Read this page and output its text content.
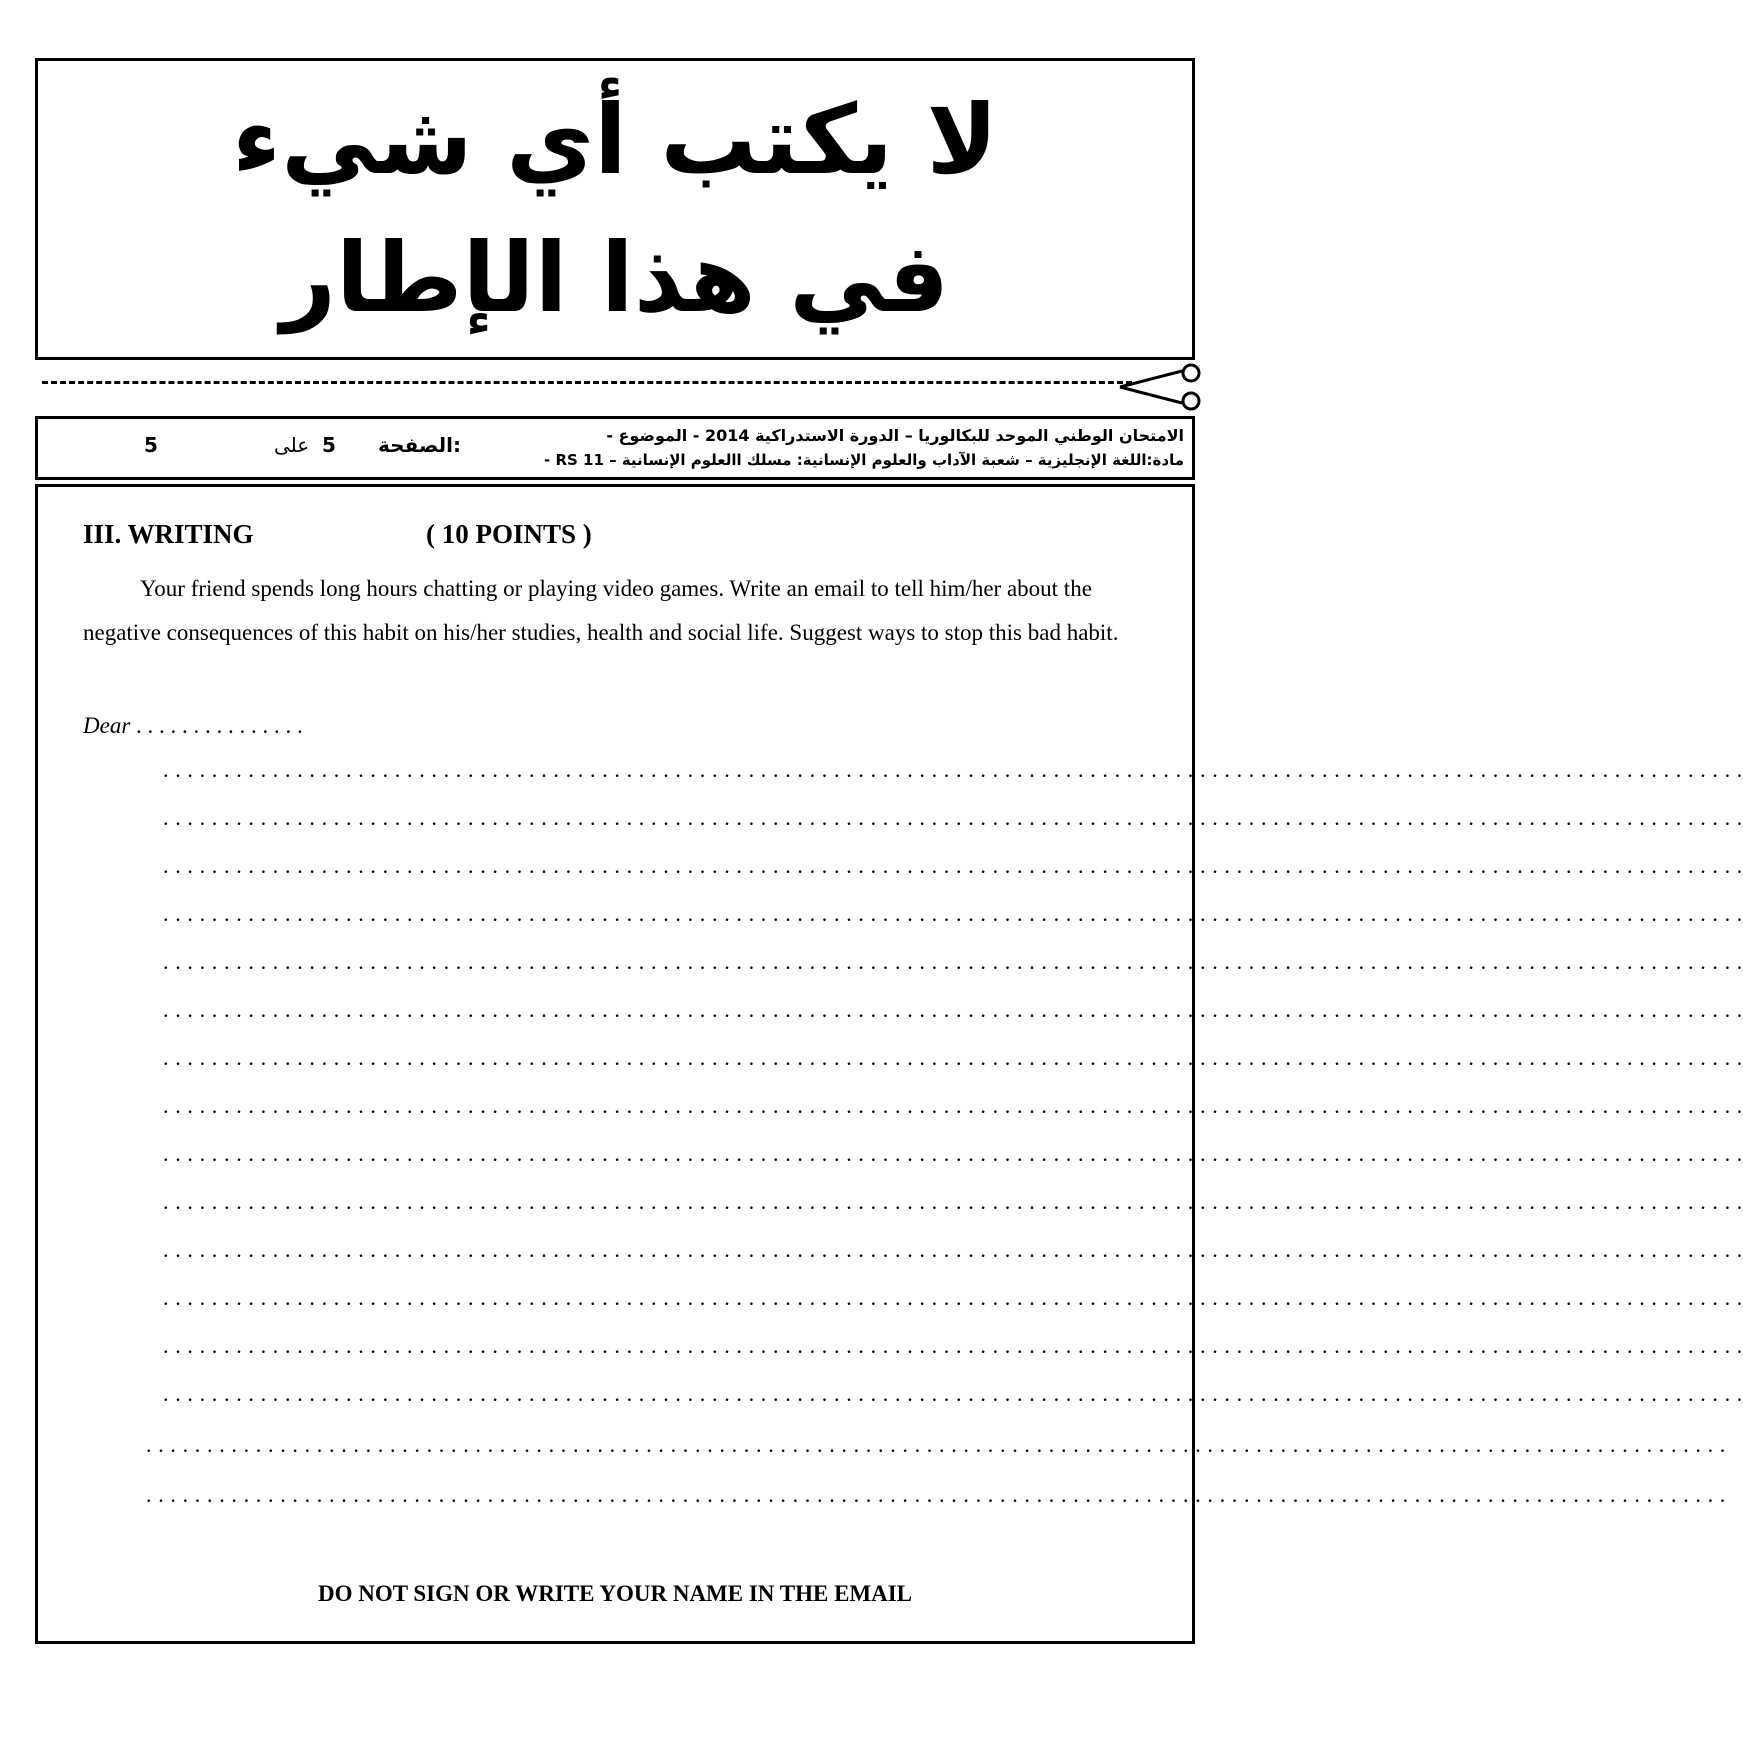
لا يكتب أي شيء
في هذا الإطار
الامتحان الوطني الموحد للبكالوريا – الدورة الاستدراكية 2014 - الموضوع -
مادة:اللغة الإنجليزية – شعبة الآداب والعلوم الإنسانية: مسلك االعلوم الإنسانية – RS 11 -
الصفحة:
5
على
5
III. WRITING	( 10 POINTS )
Your friend spends long hours chatting or playing video games. Write an email to tell him/her about the negative consequences of this habit on his/her studies, health and social life. Suggest ways to stop this bad habit.
Dear . . . . . . . . . . . . . . .
. . . . . . . . . . . . . . . . . . . . . . . . . . . . . . . . . . . . . . . . . . . . . . . . . . . . . . . . . . . . . . . . . . . . . . . . . . . . . . . . . . . . . . . . . . . . . . . . . . . . . . . . . . . . . . . . . . . . . . . . . . . . . . . . . .
. . . . . . . . . . . . . . . . . . . . . . . . . . . . . . . . . . . . . . . . . . . . . . . . . . . . . . . . . . . . . . . . . . . . . . . . . . . . . . . . . . . . . . . . . . . . . . . . . . . . . . . . . . . . . . . . . . . . . . . . . . . . . . . . . .
. . . . . . . . . . . . . . . . . . . . . . . . . . . . . . . . . . . . . . . . . . . . . . . . . . . . . . . . . . . . . . . . . . . . . . . . . . . . . . . . . . . . . . . . . . . . . . . . . . . . . . . . . . . . . . . . . . . . . . . . . . . . . . . . . .
. . . . . . . . . . . . . . . . . . . . . . . . . . . . . . . . . . . . . . . . . . . . . . . . . . . . . . . . . . . . . . . . . . . . . . . . . . . . . . . . . . . . . . . . . . . . . . . . . . . . . . . . . . . . . . . . . . . . . . . . . . . . . . . . . .
. . . . . . . . . . . . . . . . . . . . . . . . . . . . . . . . . . . . . . . . . . . . . . . . . . . . . . . . . . . . . . . . . . . . . . . . . . . . . . . . . . . . . . . . . . . . . . . . . . . . . . . . . . . . . . . . . . . . . . . . . . . . . . . . . .
. . . . . . . . . . . . . . . . . . . . . . . . . . . . . . . . . . . . . . . . . . . . . . . . . . . . . . . . . . . . . . . . . . . . . . . . . . . . . . . . . . . . . . . . . . . . . . . . . . . . . . . . . . . . . . . . . . . . . . . . . . . . . . . . . .
. . . . . . . . . . . . . . . . . . . . . . . . . . . . . . . . . . . . . . . . . . . . . . . . . . . . . . . . . . . . . . . . . . . . . . . . . . . . . . . . . . . . . . . . . . . . . . . . . . . . . . . . . . . . . . . . . . . . . . . . . . . . . . . . . .
. . . . . . . . . . . . . . . . . . . . . . . . . . . . . . . . . . . . . . . . . . . . . . . . . . . . . . . . . . . . . . . . . . . . . . . . . . . . . . . . . . . . . . . . . . . . . . . . . . . . . . . . . . . . . . . . . . . . . . . . . . . . . . . . . .
. . . . . . . . . . . . . . . . . . . . . . . . . . . . . . . . . . . . . . . . . . . . . . . . . . . . . . . . . . . . . . . . . . . . . . . . . . . . . . . . . . . . . . . . . . . . . . . . . . . . . . . . . . . . . . . . . . . . . . . . . . . . . . . . . .
. . . . . . . . . . . . . . . . . . . . . . . . . . . . . . . . . . . . . . . . . . . . . . . . . . . . . . . . . . . . . . . . . . . . . . . . . . . . . . . . . . . . . . . . . . . . . . . . . . . . . . . . . . . . . . . . . . . . . . . . . . . . . . . . . .
. . . . . . . . . . . . . . . . . . . . . . . . . . . . . . . . . . . . . . . . . . . . . . . . . . . . . . . . . . . . . . . . . . . . . . . . . . . . . . . . . . . . . . . . . . . . . . . . . . . . . . . . . . . . . . . . . . . . . . . . . . . . . . . . . .
. . . . . . . . . . . . . . . . . . . . . . . . . . . . . . . . . . . . . . . . . . . . . . . . . . . . . . . . . . . . . . . . . . . . . . . . . . . . . . . . . . . . . . . . . . . . . . . . . . . . . . . . . . . . . . . . . . . . . . . . . . . . . . . . . .
. . . . . . . . . . . . . . . . . . . . . . . . . . . . . . . . . . . . . . . . . . . . . . . . . . . . . . . . . . . . . . . . . . . . . . . . . . . . . . . . . . . . . . . . . . . . . . . . . . . . . . . . . . . . . . . . . . . . . . . . . . . . . . . . . .
. . . . . . . . . . . . . . . . . . . . . . . . . . . . . . . . . . . . . . . . . . . . . . . . . . . . . . . . . . . . . . . . . . . . . . . . . . . . . . . . . . . . . . . . . . . . . . . . . . . . . . . . . . . . . . . . . . . . . . . . . . . . . . . . . .
. . . . . . . . . . . . . . . . . . . . . . . . . . . . . . . . . . . . . . . . . . . . . . . . . . . . . . . . . . . . . . . . . . . . . . . . . . . . . . . . . . . . . . . . . . . . . . . . . . . . . . . . . . . . . . . . . . . . . . . . . . . . . . . . . .
. . . . . . . . . . . . . . . . . . . . . . . . . . . . . . . . . . . . . . . . . . . . . . . . . . . . . . . . . . . . . . . . . . . . . . . . . . . . . . . . . . . . . . . . . . . . . . . . . . . . . . . . . . . . . . . . . . . . . . . . . . . . . . . . . .
DO NOT SIGN OR WRITE YOUR NAME IN THE EMAIL
